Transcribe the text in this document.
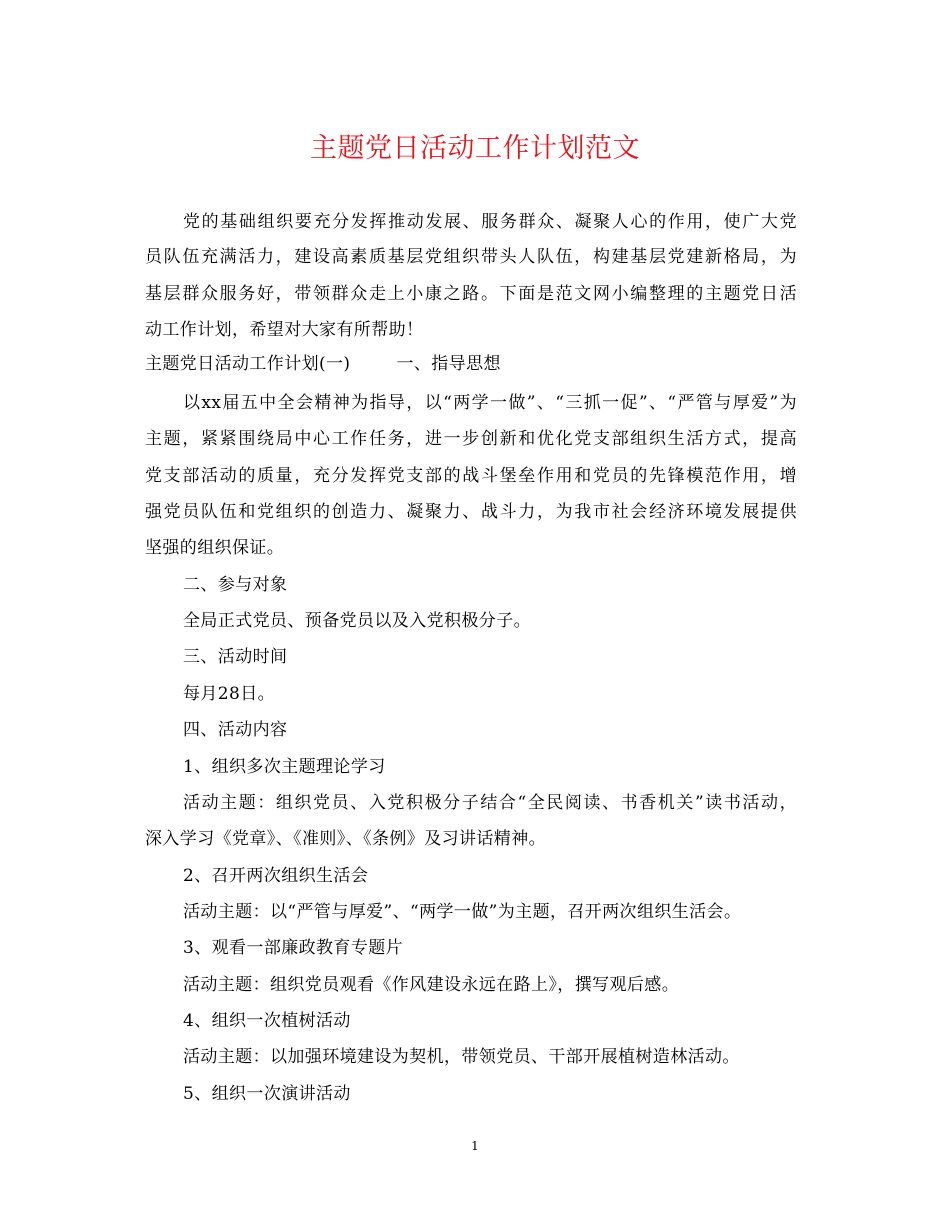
主题党日活动工作计划范文
党的基础组织要充分发挥推动发展、服务群众、凝聚人心的作用，使广大党
员队伍充满活力，建设高素质基层党组织带头人队伍，构建基层党建新格局，为
基层群众服务好，带领群众走上小康之路。下面是范文网小编整理的主题党日活
动工作计划，希望对大家有所帮助！
主题党日活动工作计划(一)	一、指导思想
以xx届五中全会精神为指导，以“两学一做”、“三抓一促”、“严管与厚爱”为
主题，紧紧围绕局中心工作任务，进一步创新和优化党支部组织生活方式，提高
党支部活动的质量，充分发挥党支部的战斗堡垒作用和党员的先锋模范作用，增
强党员队伍和党组织的创造力、凝聚力、战斗力，为我市社会经济环境发展提供
坚强的组织保证。
二、参与对象
全局正式党员、预备党员以及入党积极分子。
三、活动时间
每月28日。
四、活动内容
1、组织多次主题理论学习
活动主题：组织党员、入党积极分子结合“全民阅读、书香机关”读书活动，
深入学习《党章》、《准则》、《条例》及习讲话精神。
2、召开两次组织生活会
活动主题：以“严管与厚爱”、“两学一做”为主题，召开两次组织生活会。
3、观看一部廉政教育专题片
活动主题：组织党员观看《作风建设永远在路上》，撰写观后感。
4、组织一次植树活动
活动主题：以加强环境建设为契机，带领党员、干部开展植树造林活动。
5、组织一次演讲活动
1
